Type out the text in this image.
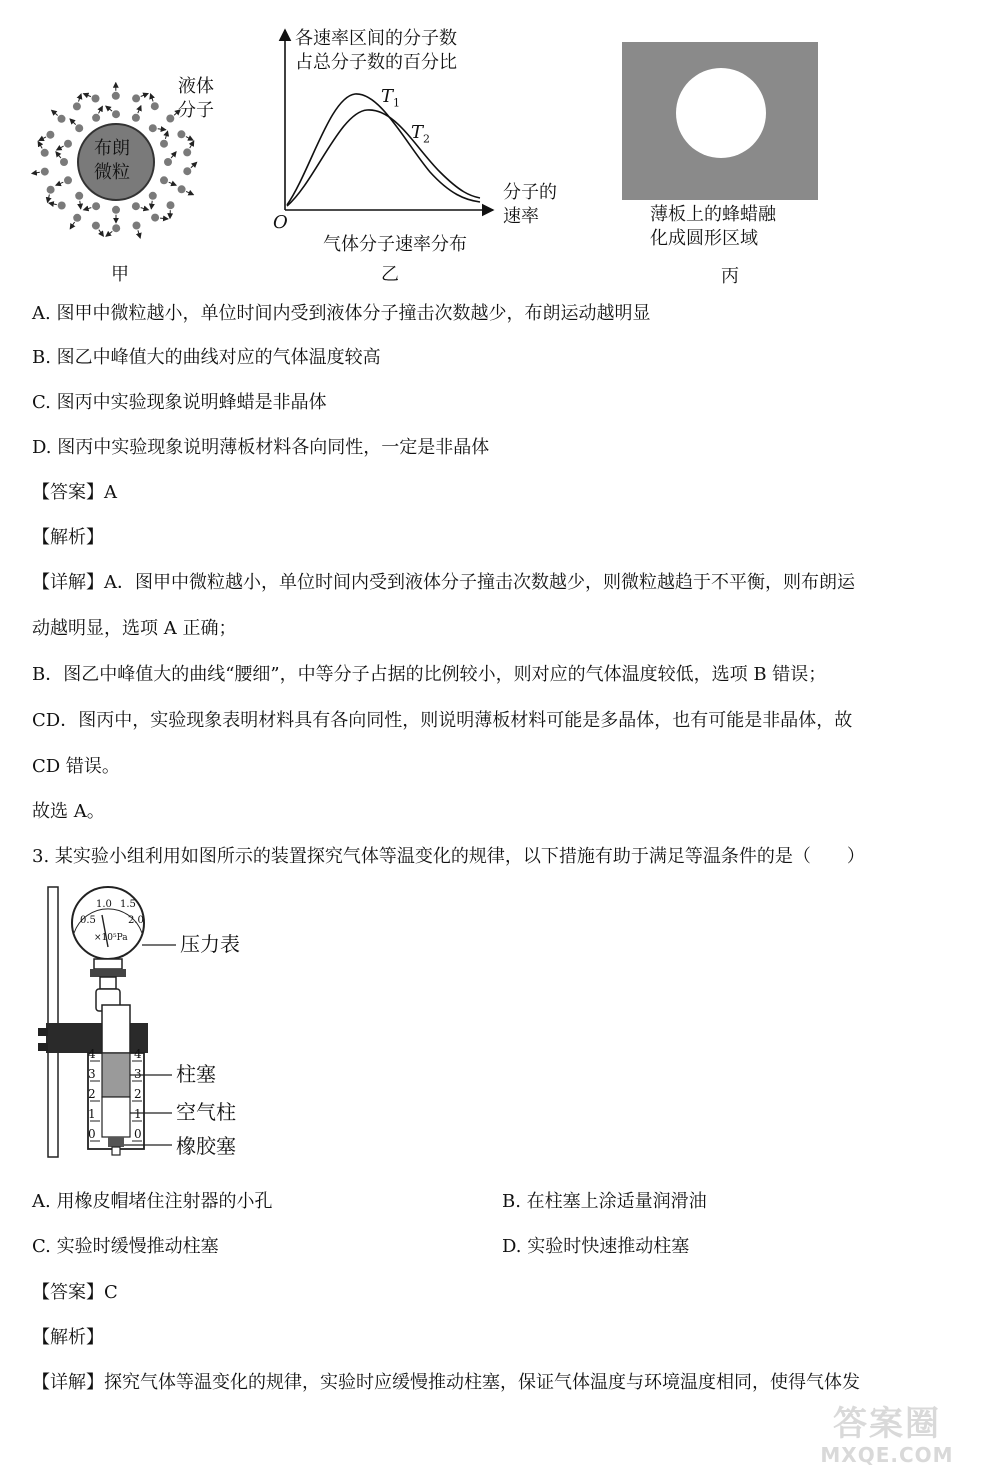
布朗
微粒
液体
分子
甲
各速率区间的分子数
占总分子数的百分比
$T_1$
$T_2$
分子的
速率
O
气体分子速率分布
乙
薄板上的蜂蜡融
化成圆形区域
丙
A. 图甲中微粒越小，单位时间内受到液体分子撞击次数越少，布朗运动越明显
B. 图乙中峰值大的曲线对应的气体温度较高
C. 图丙中实验现象说明蜂蜡是非晶体
D. 图丙中实验现象说明薄板材料各向同性，一定是非晶体
【答案】A
【解析】
【详解】A．图甲中微粒越小，单位时间内受到液体分子撞击次数越少，则微粒越趋于不平衡，则布朗运
动越明显，选项 A 正确；
B．图乙中峰值大的曲线“腰细”，中等分子占据的比例较小，则对应的气体温度较低，选项 B 错误；
CD．图丙中，实验现象表明材料具有各向同性，则说明薄板材料可能是多晶体，也有可能是非晶体，故
CD 错误。
故选 A。
3. 某实验小组利用如图所示的装置探究气体等温变化的规律，以下措施有助于满足等温条件的是（　　）
1.0 1.5
0.5	2.0
×10⁵Pa
4
3
2
1
0
4
3
2
1
0
压力表
柱塞
空气柱
橡胶塞
A. 用橡皮帽堵住注射器的小孔	B. 在柱塞上涂适量润滑油
C. 实验时缓慢推动柱塞	D. 实验时快速推动柱塞
【答案】C
【解析】
【详解】探究气体等温变化的规律，实验时应缓慢推动柱塞，保证气体温度与环境温度相同，使得气体发
答案圈
MXQE.COM
